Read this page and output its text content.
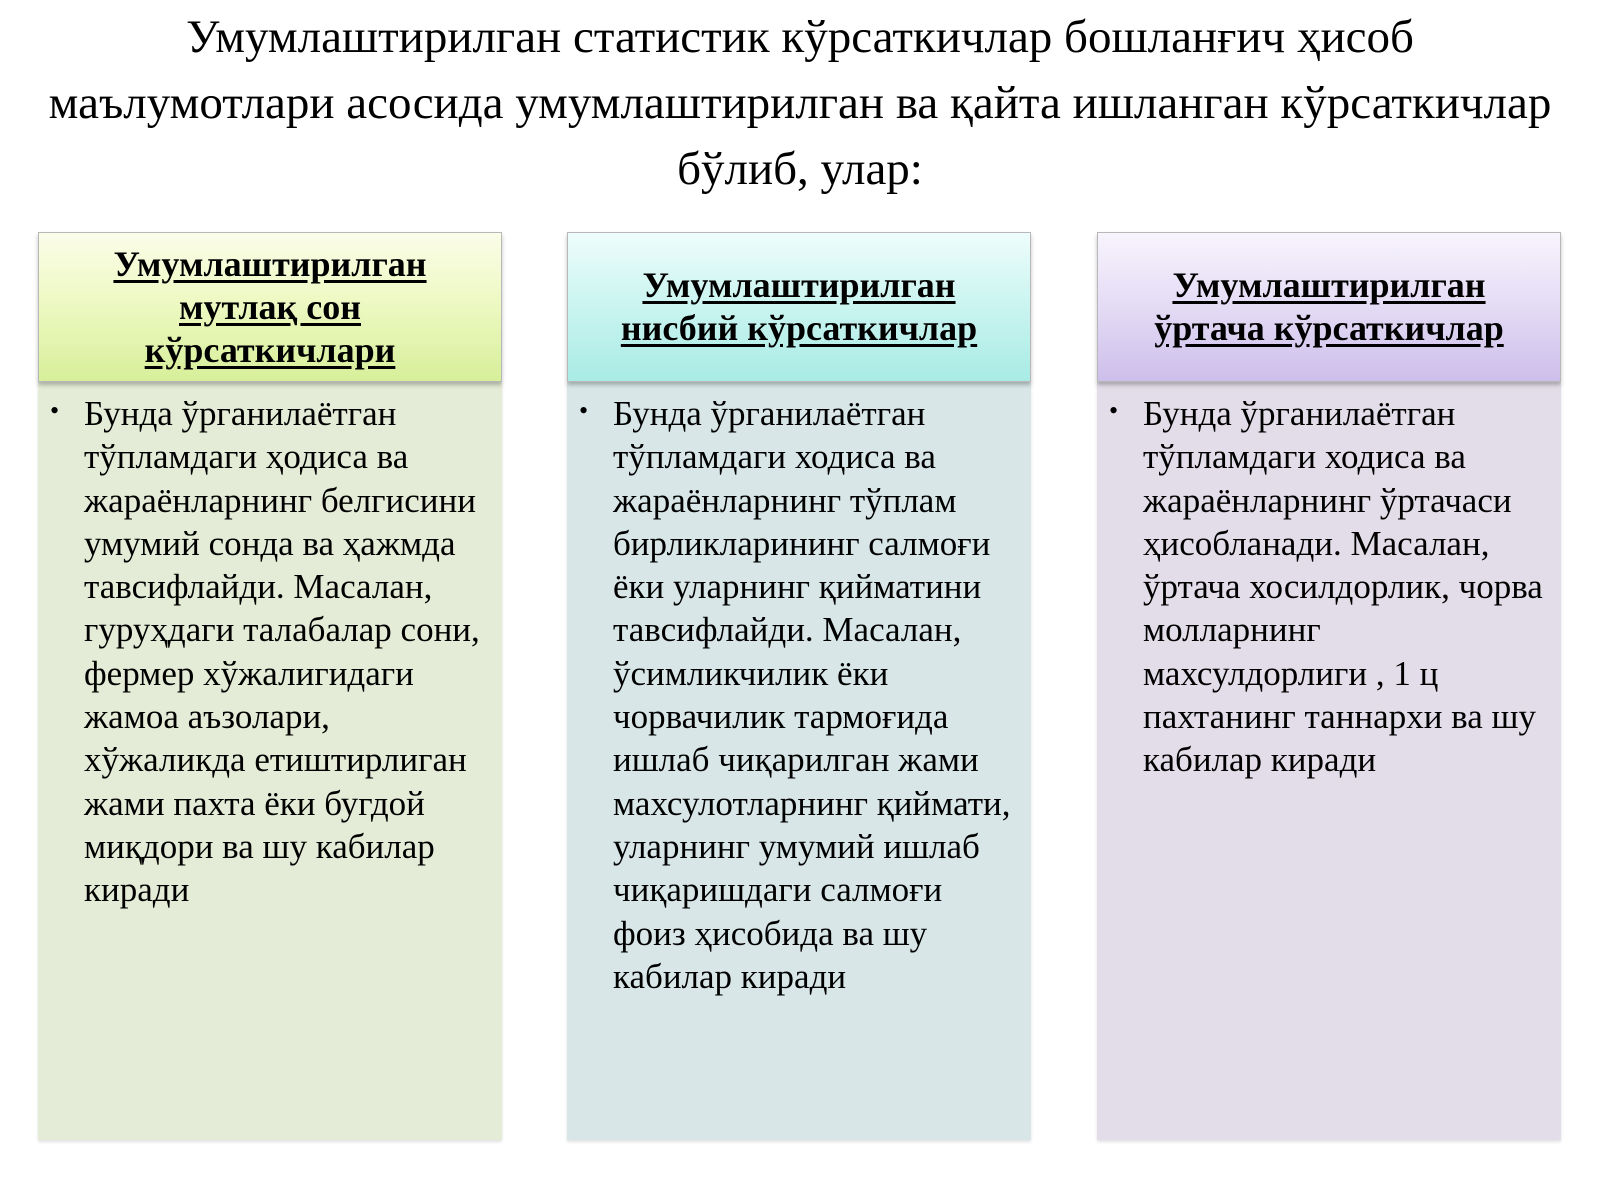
Умумлаштирилган статистик кўрсаткичлар бошланғич ҳисоб маълумотлари асосида умумлаштирилган ва қайта ишланган кўрсаткичлар бўлиб, улар:
Умумлаштирилган мутлақ сон кўрсаткичлари
• Бунда ўрганилаётган тўпламдаги ҳодиса ва жараёнларнинг белгисини умумий сонда ва ҳажмда тавсифлайди. Масалан, гуруҳдаги талабалар сони, фермер хўжалигидаги жамоа аъзолари, хўжаликда етиштирлиган жами пахта ёки бугдой миқдори ва шу кабилар киради
Умумлаштирилган нисбий кўрсаткичлар
• Бунда ўрганилаётган тўпламдаги ходиса ва жараёнларнинг тўплам бирликларининг салмоғи ёки уларнинг қийматини тавсифлайди. Масалан, ўсимликчилик ёки чорвачилик тармоғида ишлаб чиқарилган жами махсулотларнинг қиймати, уларнинг умумий ишлаб чиқаришдаги салмоғи фоиз ҳисобида ва шу кабилар киради
Умумлаштирилган ўртача кўрсаткичлар
• Бунда ўрганилаётган тўпламдаги ходиса ва жараёнларнинг ўртачаси ҳисобланади. Масалан, ўртача хосилдорлик, чорва молларнинг махсулдорлиги , 1 ц пахтанинг таннархи ва шу кабилар киради
